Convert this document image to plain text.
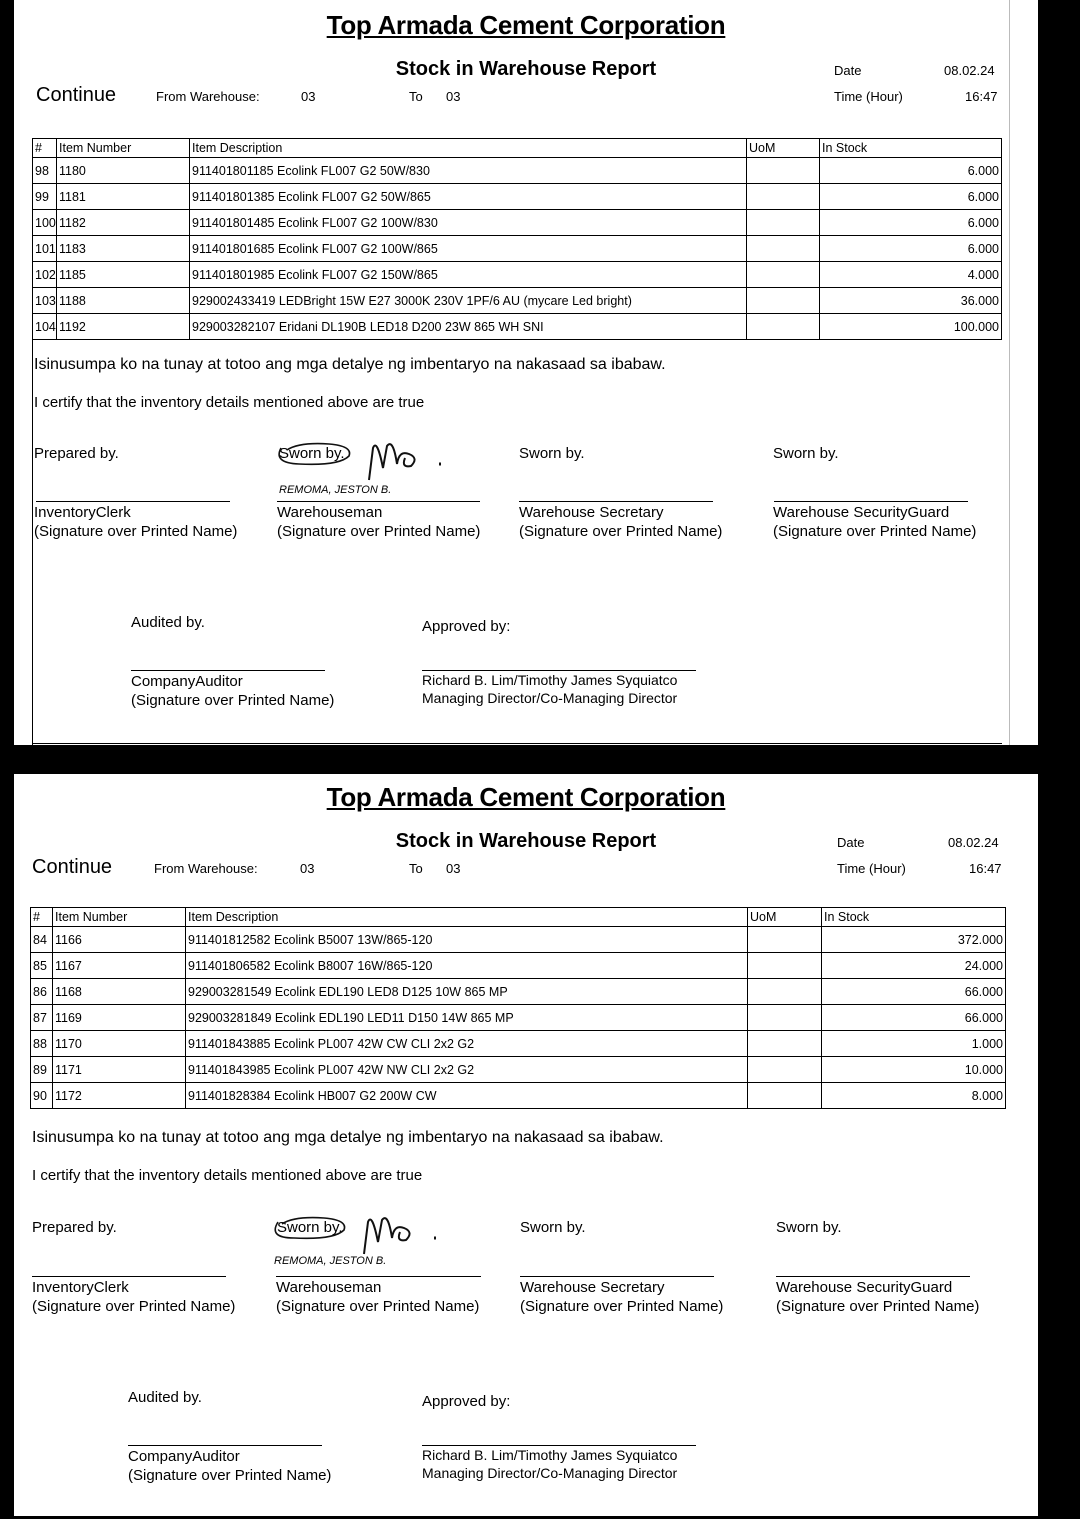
Top Armada Cement Corporation
Stock in Warehouse Report
Continue	From Warehouse:	03	To 03
Date	08.02.24
Time (Hour)	16:47
#	Item Number	Item Description	UoM	In Stock
98	1180	911401801185 Ecolink FL007 G2 50W/830		6.000
99	1181	911401801385 Ecolink FL007 G2 50W/865		6.000
100	1182	911401801485 Ecolink FL007 G2 100W/830		6.000
101	1183	911401801685 Ecolink FL007 G2 100W/865		6.000
102	1185	911401801985 Ecolink FL007 G2 150W/865		4.000
103	1188	929002433419 LEDBright 15W E27 3000K 230V 1PF/6 AU (mycare Led bright)		36.000
104	1192	929003282107 Eridani DL190B LED18 D200 23W 865 WH SNI		100.000
Isinusumpa ko na tunay at totoo ang mga detalye ng imbentaryo na nakasaad sa ibabaw.
I certify that the inventory details mentioned above are true
Prepared by.	Sworn by.	Sworn by.	Sworn by.
REMOMA, JESTON B.
InventoryClerk
(Signature over Printed Name)
Warehouseman
(Signature over Printed Name)
Warehouse Secretary
(Signature over Printed Name)
Warehouse SecurityGuard
(Signature over Printed Name)
Audited by.	Approved by:
CompanyAuditor
(Signature over Printed Name)
Richard B. Lim/Timothy James Syquiatco
Managing Director/Co-Managing Director
Top Armada Cement Corporation
Stock in Warehouse Report
Continue	From Warehouse:	03	To 03
Date	08.02.24
Time (Hour)	16:47
#	Item Number	Item Description	UoM	In Stock
84	1166	911401812582 Ecolink B5007 13W/865-120		372.000
85	1167	911401806582 Ecolink B8007 16W/865-120		24.000
86	1168	929003281549 Ecolink EDL190 LED8 D125 10W 865 MP		66.000
87	1169	929003281849 Ecolink EDL190 LED11 D150 14W 865 MP		66.000
88	1170	911401843885 Ecolink PL007 42W CW CLI 2x2 G2		1.000
89	1171	911401843985 Ecolink PL007 42W NW CLI 2x2 G2		10.000
90	1172	911401828384 Ecolink HB007 G2 200W CW		8.000
Isinusumpa ko na tunay at totoo ang mga detalye ng imbentaryo na nakasaad sa ibabaw.
I certify that the inventory details mentioned above are true
Prepared by.	Sworn by.	Sworn by.	Sworn by.
REMOMA, JESTON B.
InventoryClerk
(Signature over Printed Name)
Warehouseman
(Signature over Printed Name)
Warehouse Secretary
(Signature over Printed Name)
Warehouse SecurityGuard
(Signature over Printed Name)
Audited by.	Approved by:
CompanyAuditor
(Signature over Printed Name)
Richard B. Lim/Timothy James Syquiatco
Managing Director/Co-Managing Director
